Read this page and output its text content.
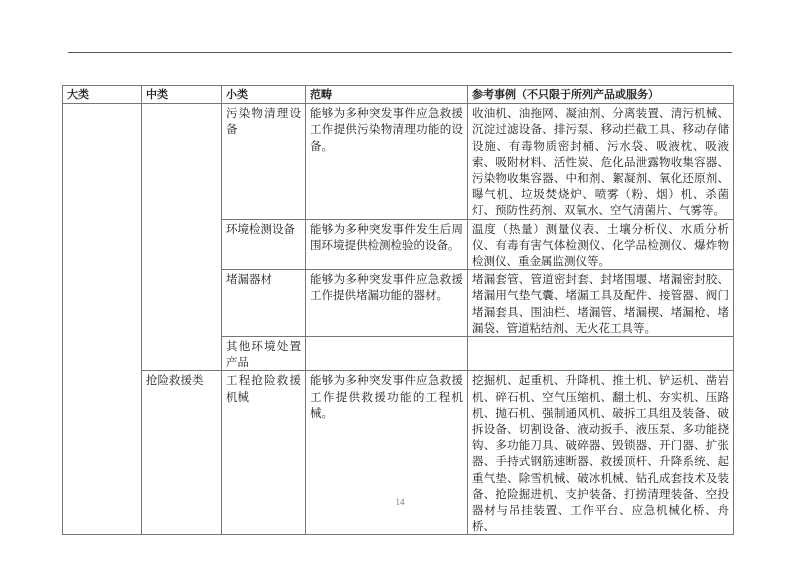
大类	中类	小类	范畴	参考事例（不只限于所列产品或服务）
		污染物清理设备	能够为多种突发事件应急救援工作提供污染物清理功能的设备。	收油机、油拖网、凝油剂、分离装置、清污机械、沉淀过滤设备、排污泵、移动拦截工具、移动存储设施、有毒物质密封桶、污水袋、吸液枕、吸液索、吸附材料、活性炭、危化品泄露物收集容器、污染物收集容器、中和剂、絮凝剂、氧化还原剂、曝气机、垃圾焚烧炉、喷雾（粉、烟）机、杀菌灯、预防性药剂、双氧水、空气清菌片、气雾等。
		环境检测设备	能够为多种突发事件发生后周围环境提供检测检验的设备。	温度（热量）测量仪表、土壤分析仪、水质分析仪、有毒有害气体检测仪、化学品检测仪、爆炸物检测仪、重金属监测仪等。
		堵漏器材	能够为多种突发事件应急救援工作提供堵漏功能的器材。	堵漏套管、管道密封套、封堵围堰、堵漏密封胶、堵漏用气垫气囊、堵漏工具及配件、接管器、阀门堵漏套具、围油栏、堵漏管、堵漏楔、堵漏枪、堵漏袋、管道粘结剂、无火花工具等。
		其他环境处置产品		
	抢险救援类	工程抢险救援机械	能够为多种突发事件应急救援工作提供救援功能的工程机械。	挖掘机、起重机、升降机、推土机、铲运机、凿岩机、碎石机、空气压缩机、翻土机、夯实机、压路机、抛石机、强制通风机、破拆工具组及装备、破拆设备、切割设备、液动扳手、液压泵、多功能挠钩、多功能刀具、破碎器、毁锁器、开门器、扩张器、手持式钢筋速断器、救援顶杆、升降系统、起重气垫、除雪机械、破冰机械、钻孔成套技术及装备、抢险掘进机、支护装备、打捞清理装备、空投器材与吊挂装置、工作平台、应急机械化桥、舟桥、
14
